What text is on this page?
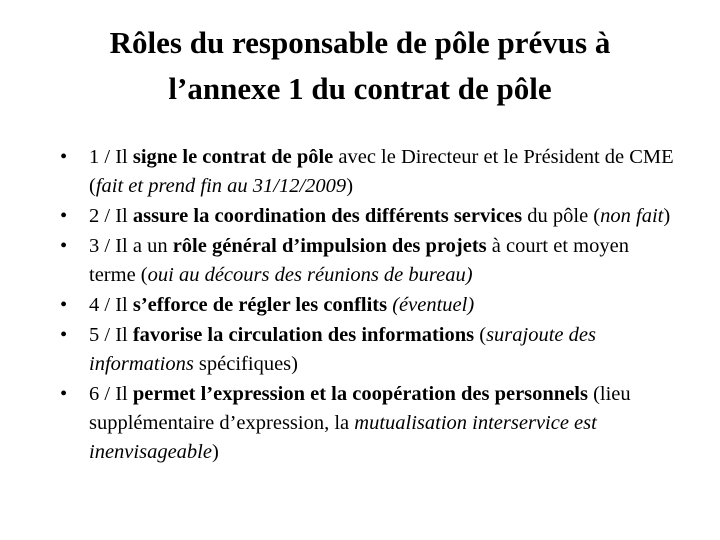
Rôles du responsable de pôle prévus à
l’annexe 1 du contrat de pôle
• 1 / Il signe le contrat de pôle avec le Directeur et le Président de CME (fait et prend fin au 31/12/2009)
• 2 / Il assure la coordination des différents services du pôle (non fait)
• 3 / Il a un rôle général d’impulsion des projets à court et moyen terme (oui au décours des réunions de bureau)
• 4 / Il s’efforce de régler les conflits (éventuel)
• 5 / Il favorise la circulation des informations (surajoute des informations spécifiques)
• 6 / Il permet l’expression et la coopération des personnels (lieu supplémentaire d’expression, la mutualisation interservice est inenvisageable)
